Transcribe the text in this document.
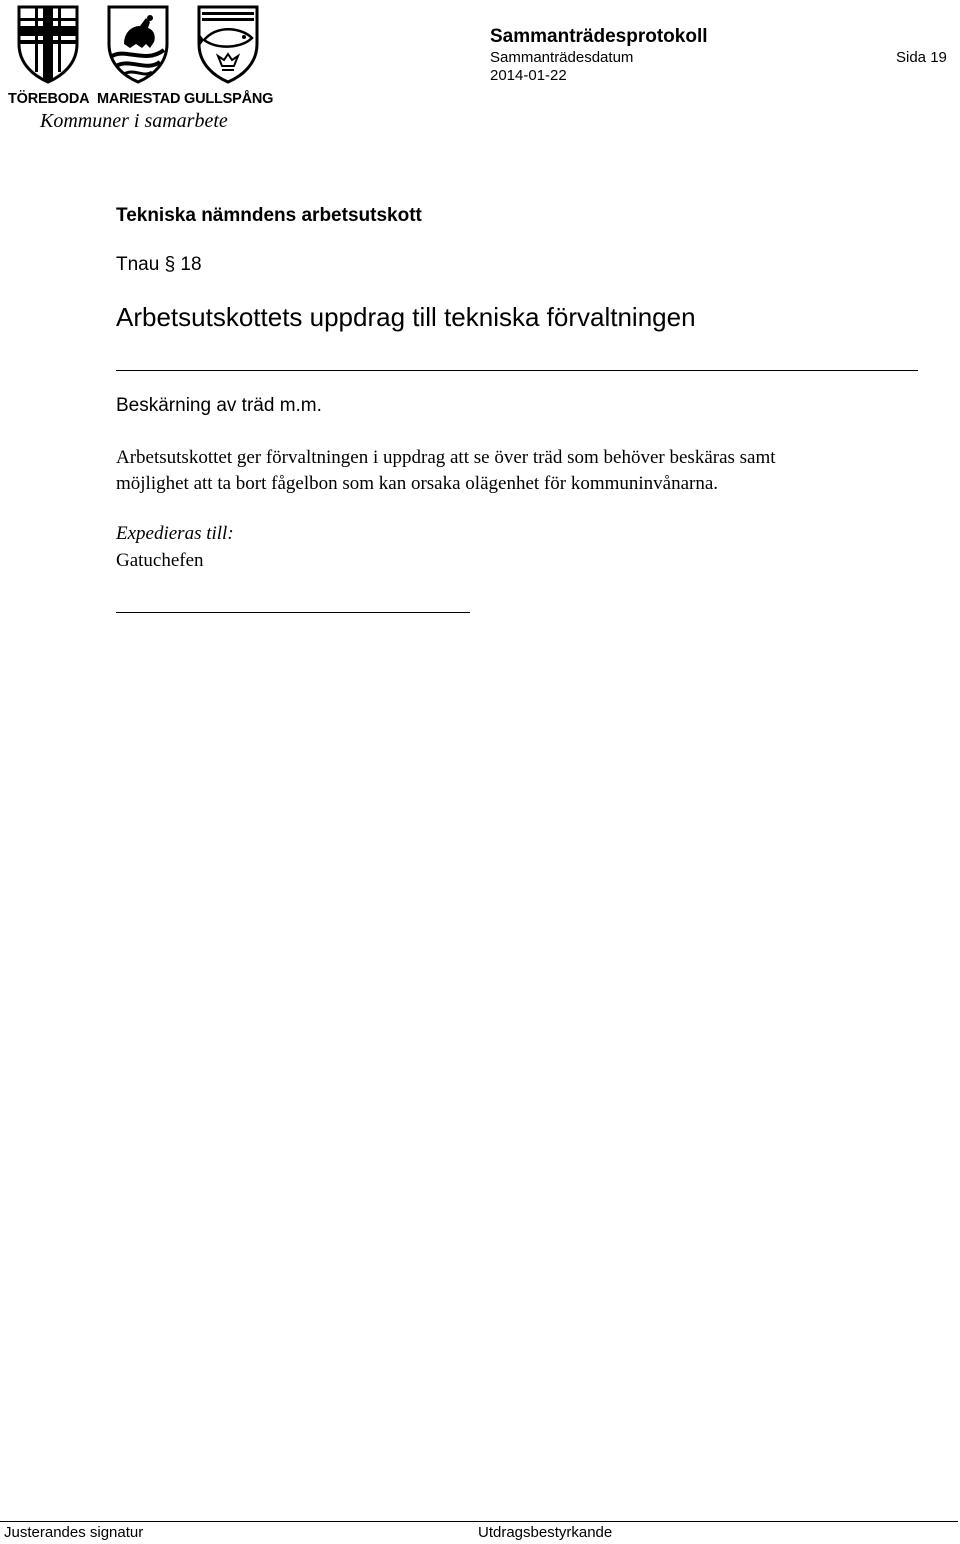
TÖREBODA MARIESTAD GULLSPÅNG
Kommuner i samarbete
Sammanträdesprotokoll
Sammanträdesdatum
2014-01-22
Sida 19
Tekniska nämndens arbetsutskott
Tnau § 18
Arbetsutskottets uppdrag till tekniska förvaltningen
Beskärning av träd m.m.

Arbetsutskottet ger förvaltningen i uppdrag att se över träd som behöver beskäras samt
möjlighet att ta bort fågelbon som kan orsaka olägenhet för kommuninvånarna.

Expedieras till:
Gatuchefen
Justerandes signatur	Utdragsbestyrkande
